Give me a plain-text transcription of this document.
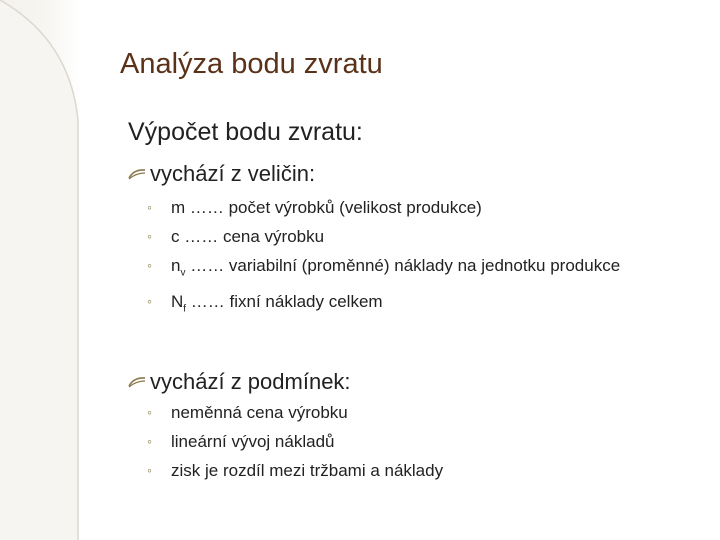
Analýza bodu zvratu
Výpočet bodu zvratu:
vychází z veličin:
◦ m …… počet výrobků (velikost produkce)
◦ c …… cena výrobku
◦ $n_v$ …… variabilní (proměnné) náklady na jednotku produkce
◦ $N_f$ …… fixní náklady celkem
vychází z podmínek:
◦ neměnná cena výrobku
◦ lineární vývoj nákladů
◦ zisk je rozdíl mezi tržbami a náklady
